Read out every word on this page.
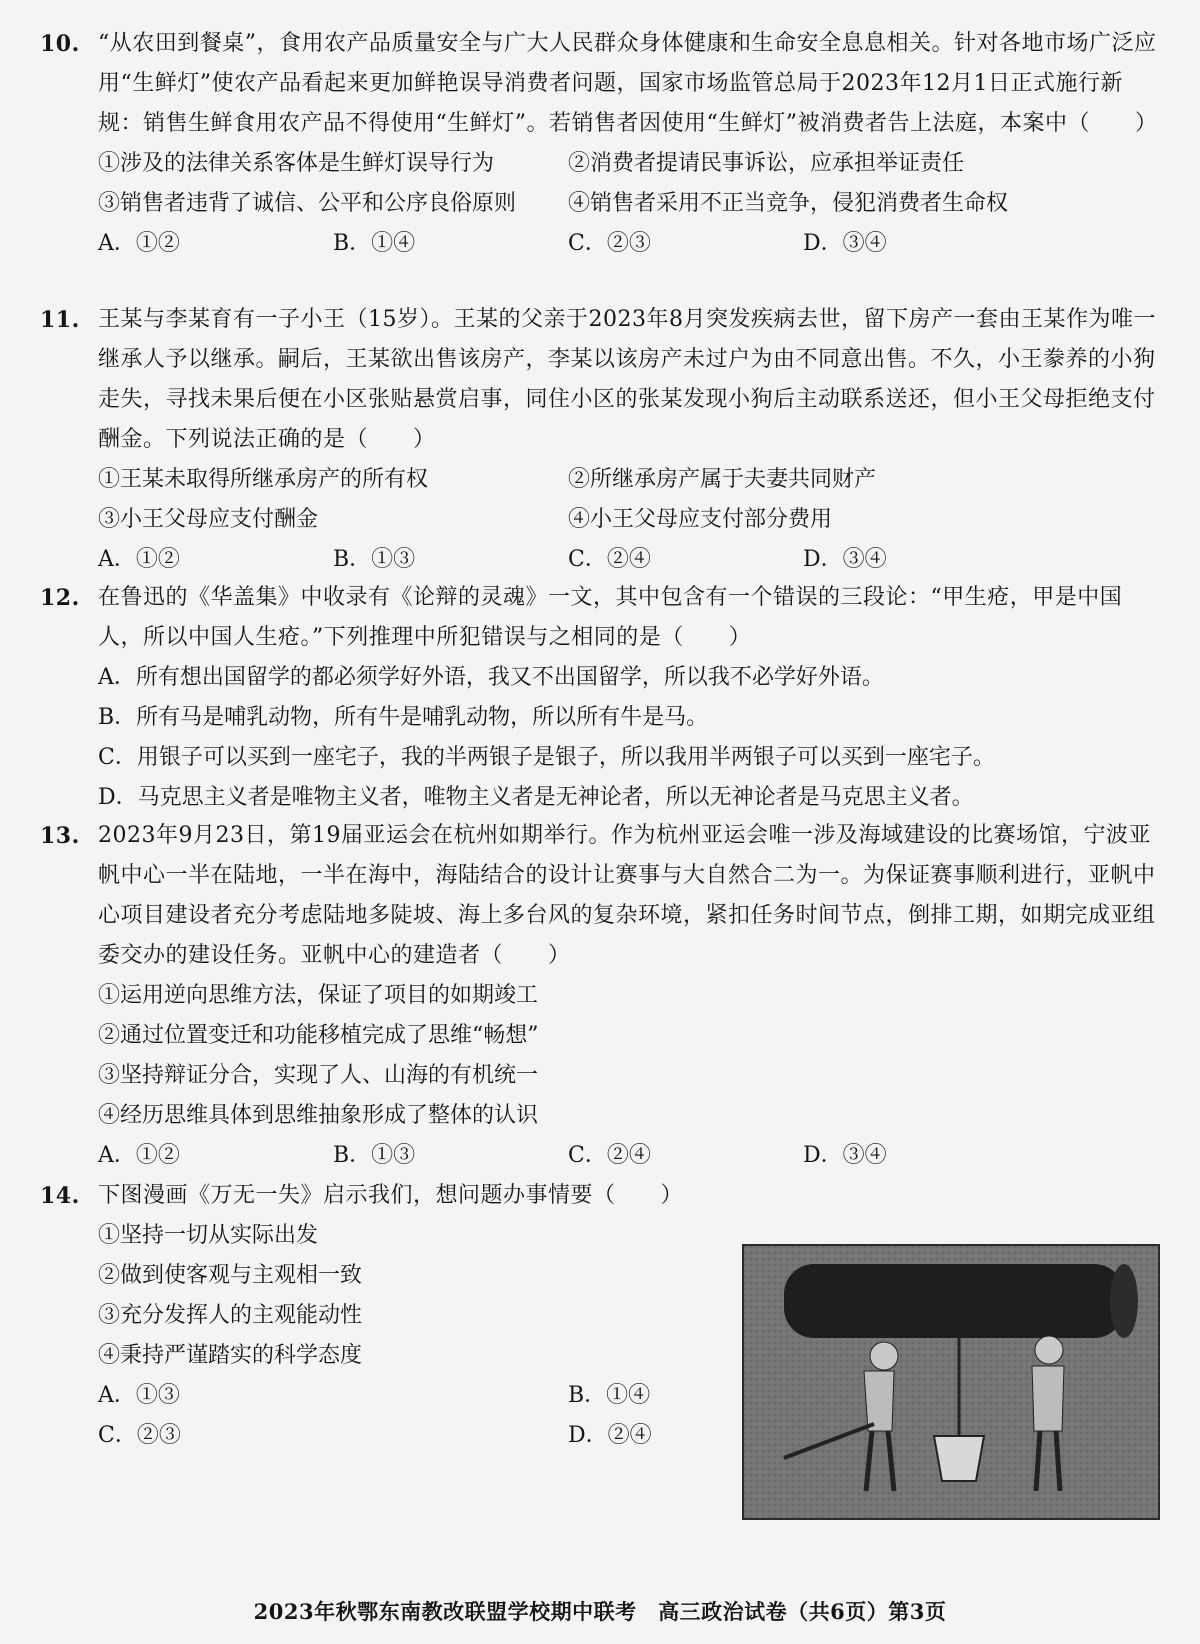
10. “从农田到餐桌”，食用农产品质量安全与广大人民群众身体健康和生命安全息息相关。针对各地市场广泛应用“生鲜灯”使农产品看起来更加鲜艳误导消费者问题，国家市场监管总局于2023年12月1日正式施行新规：销售生鲜食用农产品不得使用“生鲜灯”。若销售者因使用“生鲜灯”被消费者告上法庭，本案中（　　）
①涉及的法律关系客体是生鲜灯误导行为	②消费者提请民事诉讼，应承担举证责任
③销售者违背了诚信、公平和公序良俗原则	④销售者采用不正当竞争，侵犯消费者生命权
A．①②	B．①④	C．②③	D．③④
11. 王某与李某育有一子小王（15岁）。王某的父亲于2023年8月突发疾病去世，留下房产一套由王某作为唯一继承人予以继承。嗣后，王某欲出售该房产，李某以该房产未过户为由不同意出售。不久，小王豢养的小狗走失，寻找未果后便在小区张贴悬赏启事，同住小区的张某发现小狗后主动联系送还，但小王父母拒绝支付酬金。下列说法正确的是（　　）
①王某未取得所继承房产的所有权	②所继承房产属于夫妻共同财产
③小王父母应支付酬金	④小王父母应支付部分费用
A．①②	B．①③	C．②④	D．③④
12. 在鲁迅的《华盖集》中收录有《论辩的灵魂》一文，其中包含有一个错误的三段论：“甲生疮，甲是中国人，所以中国人生疮。”下列推理中所犯错误与之相同的是（　　）
A．所有想出国留学的都必须学好外语，我又不出国留学，所以我不必学好外语。
B．所有马是哺乳动物，所有牛是哺乳动物，所以所有牛是马。
C．用银子可以买到一座宅子，我的半两银子是银子，所以我用半两银子可以买到一座宅子。
D．马克思主义者是唯物主义者，唯物主义者是无神论者，所以无神论者是马克思主义者。
13. 2023年9月23日，第19届亚运会在杭州如期举行。作为杭州亚运会唯一涉及海域建设的比赛场馆，宁波亚帆中心一半在陆地，一半在海中，海陆结合的设计让赛事与大自然合二为一。为保证赛事顺利进行，亚帆中心项目建设者充分考虑陆地多陡坡、海上多台风的复杂环境，紧扣任务时间节点，倒排工期，如期完成亚组委交办的建设任务。亚帆中心的建造者（　　）
①运用逆向思维方法，保证了项目的如期竣工
②通过位置变迁和功能移植完成了思维“畅想”
③坚持辩证分合，实现了人、山海的有机统一
④经历思维具体到思维抽象形成了整体的认识
A．①②	B．①③	C．②④	D．③④
14. 下图漫画《万无一失》启示我们，想问题办事情要（　　）
①坚持一切从实际出发
②做到使客观与主观相一致
③充分发挥人的主观能动性
④秉持严谨踏实的科学态度
A．①③	B．①④
C．②③	D．②④
2023年秋鄂东南教改联盟学校期中联考　高三政治试卷（共6页）第3页
